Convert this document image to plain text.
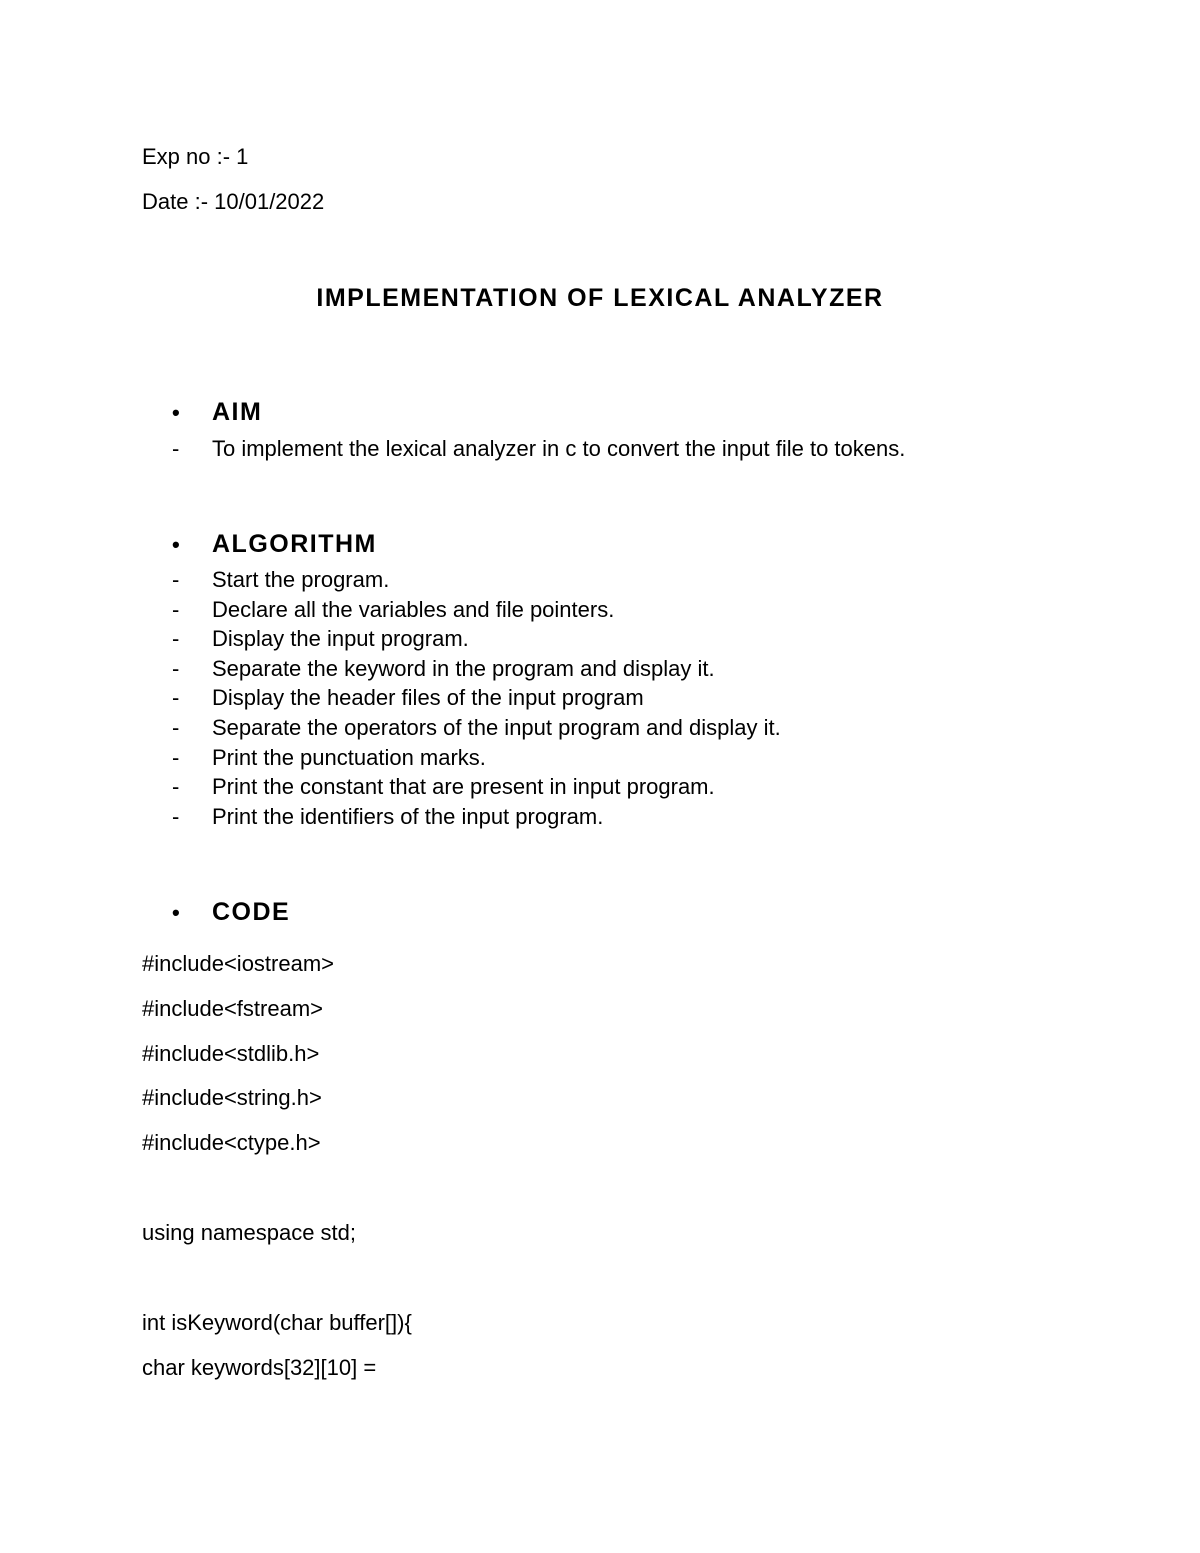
Exp no :- 1
Date :- 10/01/2022
IMPLEMENTATION OF LEXICAL ANALYZER
• AIM
- To implement the lexical analyzer in c to convert the input file to tokens.
• ALGORITHM
- Start the program.
- Declare all the variables and file pointers.
- Display the input program.
- Separate the keyword in the program and display it.
- Display the header files of the input program
- Separate the operators of the input program and display it.
- Print the punctuation marks.
- Print the constant that are present in input program.
- Print the identifiers of the input program.
• CODE
#include<iostream>
#include<fstream>
#include<stdlib.h>
#include<string.h>
#include<ctype.h>
using namespace std;
int isKeyword(char buffer[]){
char keywords[32][10] =
